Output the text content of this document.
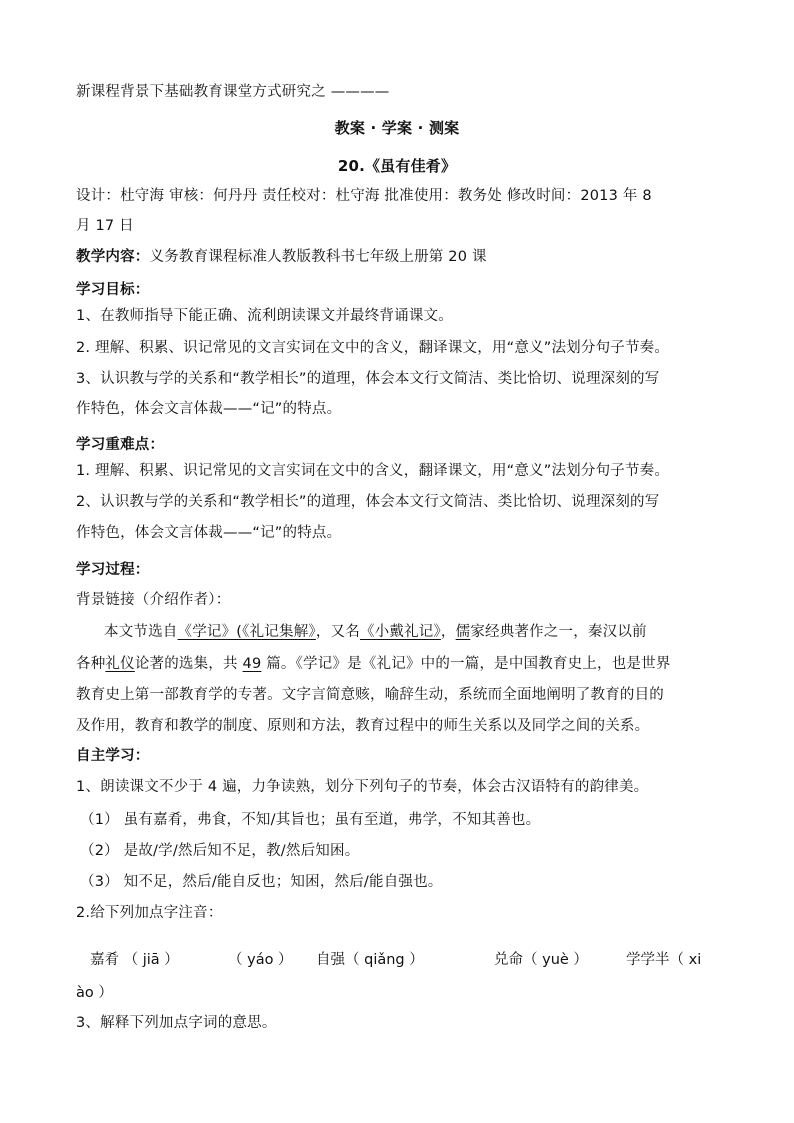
新课程背景下基础教育课堂方式研究之 ————
教案 · 学案 · 测案
20.《虽有佳肴》
设计：杜守海 审核：何丹丹 责任校对：杜守海 批准使用：教务处 修改时间：2013 年 8
月 17 日
教学内容：义务教育课程标准人教版教科书七年级上册第 20 课
学习目标：
1、在教师指导下能正确、流利朗读课文并最终背诵课文。
2. 理解、积累、识记常见的文言实词在文中的含义，翻译课文，用“意义”法划分句子节奏。
3、认识教与学的关系和“教学相长”的道理，体会本文行文简洁、类比恰切、说理深刻的写
作特色，体会文言体裁——“记”的特点。
学习重难点：
1. 理解、积累、识记常见的文言实词在文中的含义，翻译课文，用“意义”法划分句子节奏。
2、认识教与学的关系和“教学相长”的道理，体会本文行文简洁、类比恰切、说理深刻的写
作特色，体会文言体裁——“记”的特点。
学习过程：
背景链接（介绍作者）：
本文节选自《学记》(《礼记集解》，又名《小戴礼记》，儒家经典著作之一，秦汉以前
各种礼仪论著的选集，共 49 篇。《学记》是《礼记》中的一篇，是中国教育史上，也是世界
教育史上第一部教育学的专著。文字言简意赅，喻辞生动，系统而全面地阐明了教育的目的
及作用，教育和教学的制度、原则和方法，教育过程中的师生关系以及同学之间的关系。
自主学习：
1、朗读课文不少于 4 遍，力争读熟，划分下列句子的节奏，体会古汉语特有的韵律美。
（1） 虽有嘉肴，弗食，不知/其旨也；虽有至道，弗学，不知其善也。
（2） 是故/学/然后知不足，教/然后知困。
（3） 知不足，然后/能自反也；知困，然后/能自强也。
2.给下列加点字注音：
嘉肴 （ jiā ）	（ yáo ） 自强（ qiǎng ）	兑命（ yuè ）	学学半（ xi
ào ）
3、解释下列加点字词的意思。
